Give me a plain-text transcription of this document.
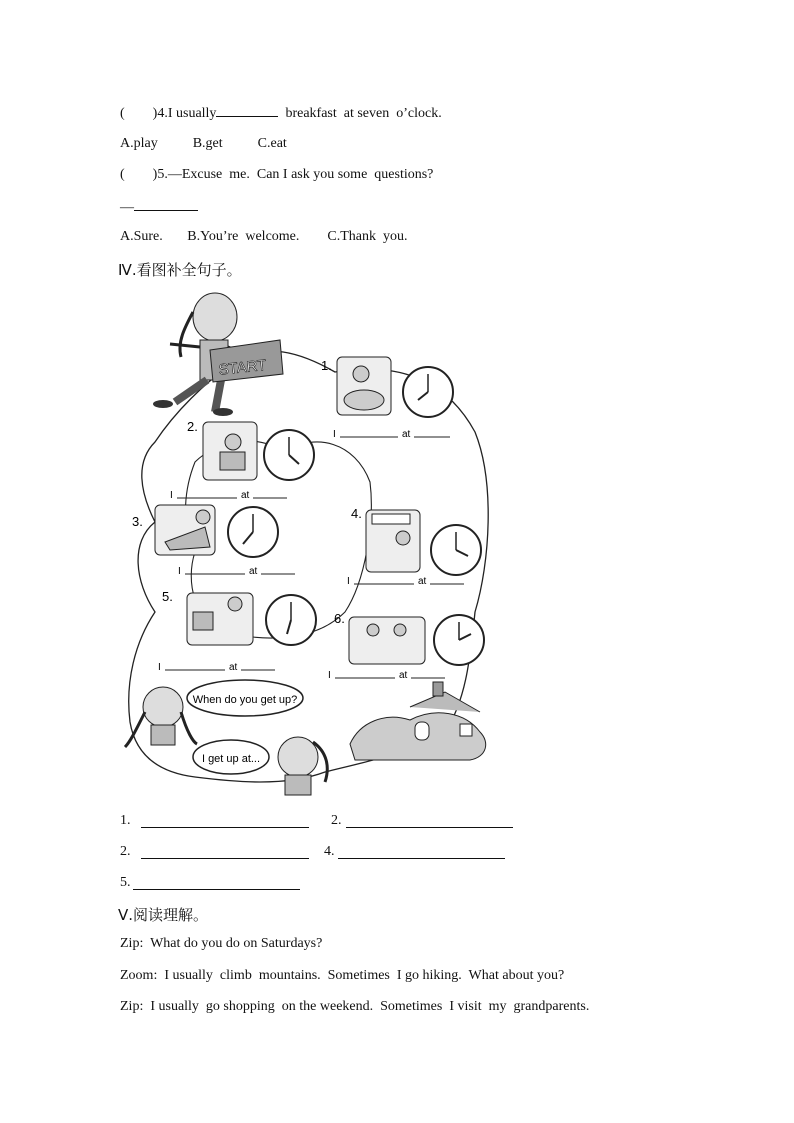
(        )4.I usually	breakfast  at seven  o’clock.
A.play          B.get          C.eat
(        )5.—Excuse  me.  Can I ask you some  questions?
—
A.Sure.       B.You’re  welcome.        C.Thank  you.
Ⅳ.看图补全句子。
START	1.
I	at
2.
I	at
3.
I	at
4.
I	at
5.
I	at
6.
I	at
When do you get up?
I get up at...
1.	2.
2.	4.
5.
Ⅴ.阅读理解。
Zip:  What do you do on Saturdays?
Zoom:  I usually  climb  mountains.  Sometimes  I go hiking.  What about you?
Zip:  I usually  go shopping  on the weekend.  Sometimes  I visit  my  grandparents.
